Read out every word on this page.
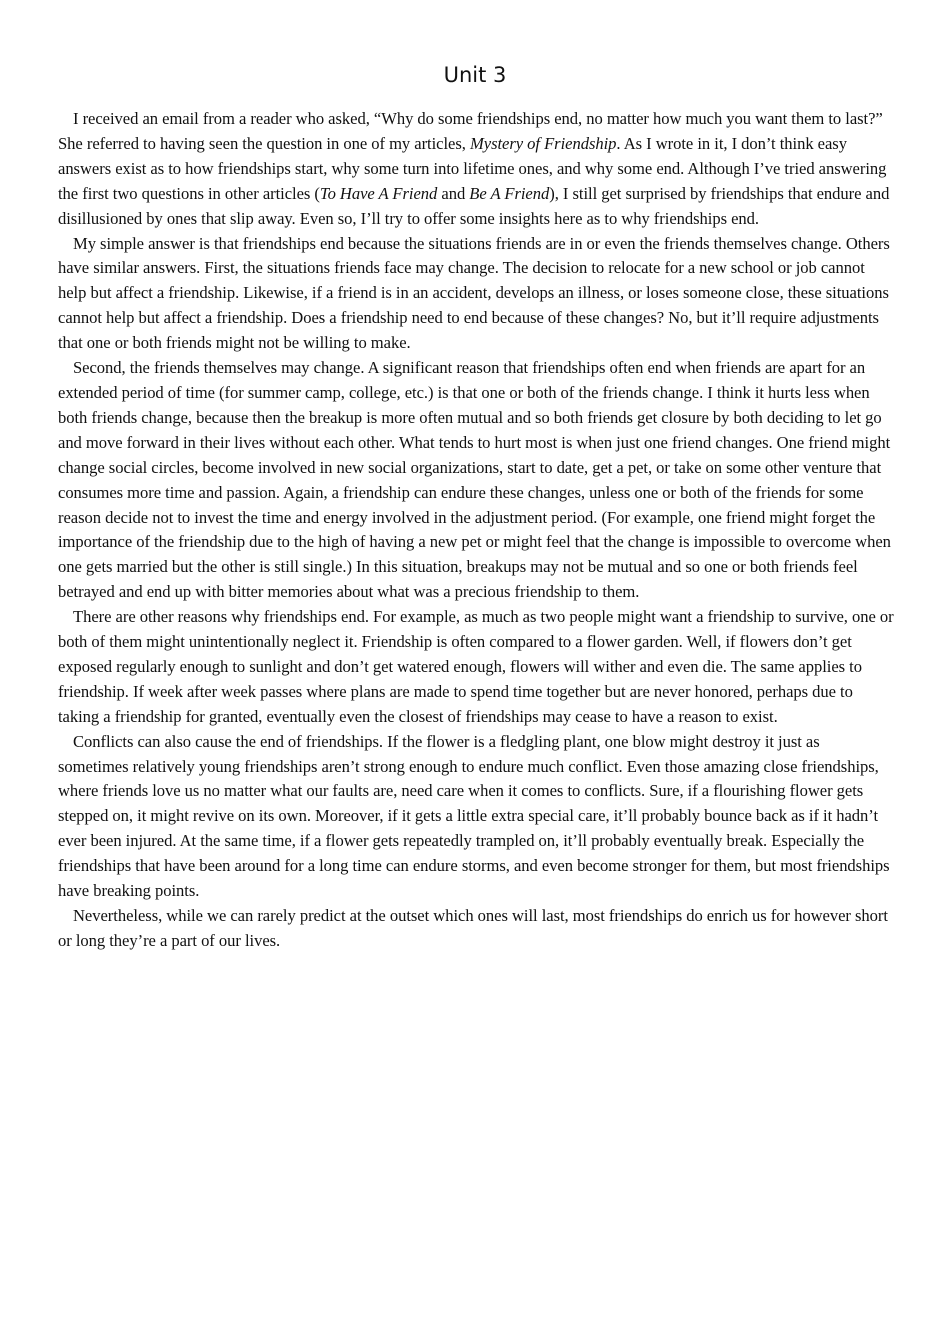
Unit 3

I received an email from a reader who asked, “Why do some friendships end, no matter how much you want them to last?” She referred to having seen the question in one of my articles, Mystery of Friendship. As I wrote in it, I don’t think easy answers exist as to how friendships start, why some turn into lifetime ones, and why some end. Although I’ve tried answering the first two questions in other articles (To Have A Friend and Be A Friend), I still get surprised by friendships that endure and disillusioned by ones that slip away. Even so, I’ll try to offer some insights here as to why friendships end.

My simple answer is that friendships end because the situations friends are in or even the friends themselves change. Others have similar answers. First, the situations friends face may change. The decision to relocate for a new school or job cannot help but affect a friendship. Likewise, if a friend is in an accident, develops an illness, or loses someone close, these situations cannot help but affect a friendship. Does a friendship need to end because of these changes? No, but it’ll require adjustments that one or both friends might not be willing to make.

Second, the friends themselves may change. A significant reason that friendships often end when friends are apart for an extended period of time (for summer camp, college, etc.) is that one or both of the friends change. I think it hurts less when both friends change, because then the breakup is more often mutual and so both friends get closure by both deciding to let go and move forward in their lives without each other. What tends to hurt most is when just one friend changes. One friend might change social circles, become involved in new social organizations, start to date, get a pet, or take on some other venture that consumes more time and passion. Again, a friendship can endure these changes, unless one or both of the friends for some reason decide not to invest the time and energy involved in the adjustment period. (For example, one friend might forget the importance of the friendship due to the high of having a new pet or might feel that the change is impossible to overcome when one gets married but the other is still single.) In this situation, breakups may not be mutual and so one or both friends feel betrayed and end up with bitter memories about what was a precious friendship to them.

There are other reasons why friendships end. For example, as much as two people might want a friendship to survive, one or both of them might unintentionally neglect it. Friendship is often compared to a flower garden. Well, if flowers don’t get exposed regularly enough to sunlight and don’t get watered enough, flowers will wither and even die. The same applies to friendship. If week after week passes where plans are made to spend time together but are never honored, perhaps due to taking a friendship for granted, eventually even the closest of friendships may cease to have a reason to exist.

Conflicts can also cause the end of friendships. If the flower is a fledgling plant, one blow might destroy it just as sometimes relatively young friendships aren’t strong enough to endure much conflict. Even those amazing close friendships, where friends love us no matter what our faults are, need care when it comes to conflicts. Sure, if a flourishing flower gets stepped on, it might revive on its own. Moreover, if it gets a little extra special care, it’ll probably bounce back as if it hadn’t ever been injured. At the same time, if a flower gets repeatedly trampled on, it’ll probably eventually break. Especially the friendships that have been around for a long time can endure storms, and even become stronger for them, but most friendships have breaking points.

Nevertheless, while we can rarely predict at the outset which ones will last, most friendships do enrich us for however short or long they’re a part of our lives.
